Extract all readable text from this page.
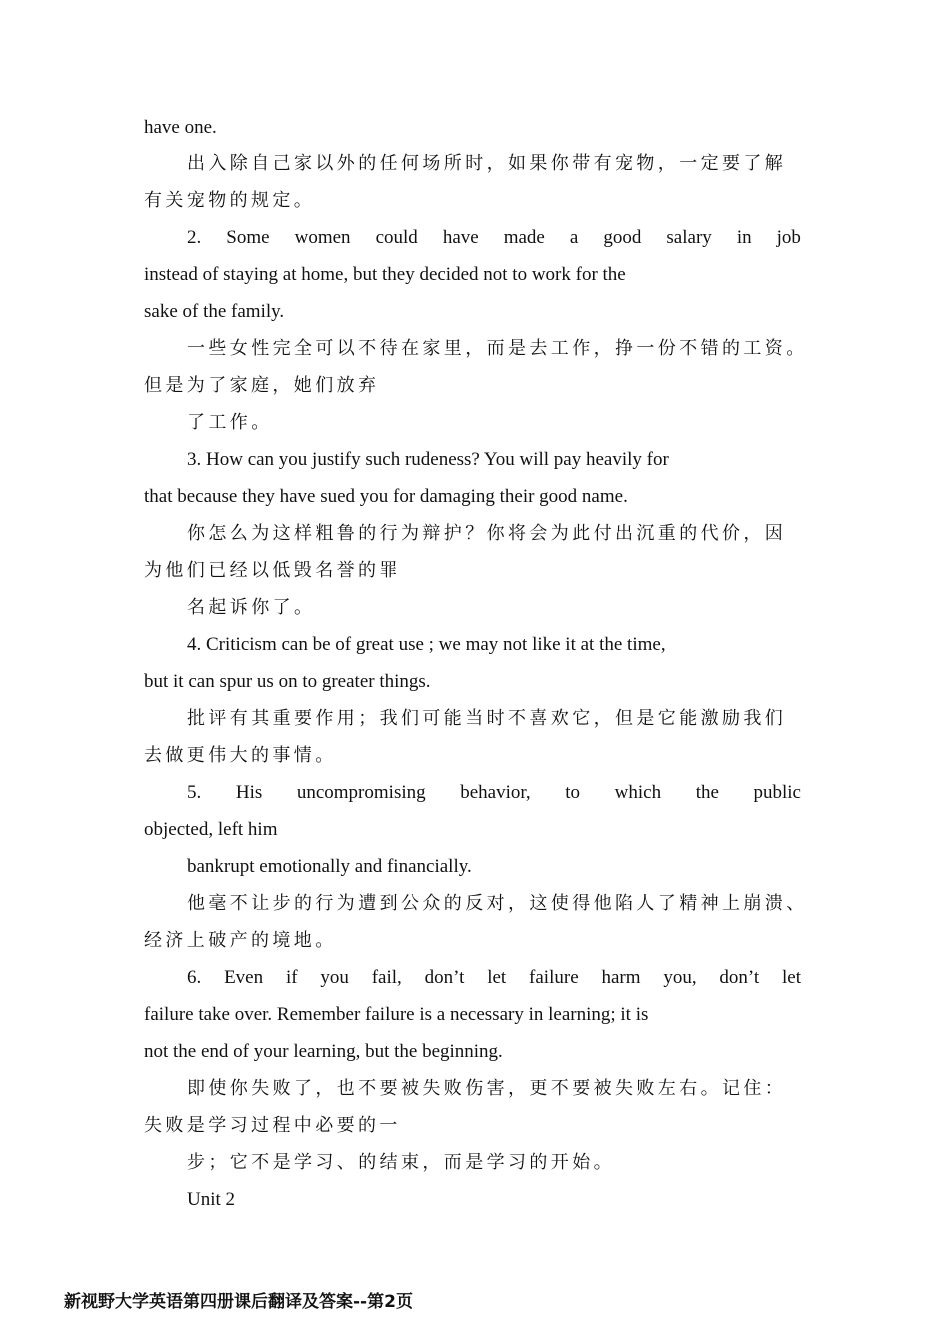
have one.
出入除自己家以外的任何场所时，如果你带有宠物，一定要了解
有关宠物的规定。
2. Some women could have made a good salary in job
instead of staying at home, but they decided not to work for the
sake of the family.
一些女性完全可以不待在家里，而是去工作，挣一份不错的工资。
但是为了家庭，她们放弃
了工作。
3. How can you justify such rudeness? You will pay heavily for
that because they have sued you for damaging their good name.
你怎么为这样粗鲁的行为辩护？你将会为此付出沉重的代价，因
为他们已经以低毁名誉的罪
名起诉你了。
4. Criticism can be of great use ; we may not like it at the time,
but it can spur us on to greater things.
批评有其重要作用；我们可能当时不喜欢它，但是它能激励我们
去做更伟大的事情。
5. His uncompromising behavior, to which the public
objected, left him
bankrupt emotionally and financially.
他毫不让步的行为遭到公众的反对，这使得他陷人了精神上崩溃、
经济上破产的境地。
6. Even if you fail, don’t let failure harm you, don’t let
failure take over. Remember failure is a necessary in learning; it is
not the end of your learning, but the beginning.
即使你失败了，也不要被失败伤害，更不要被失败左右。记住：
失败是学习过程中必要的一
步；它不是学习、的结束，而是学习的开始。
Unit 2
新视野大学英语第四册课后翻译及答案--第2页
